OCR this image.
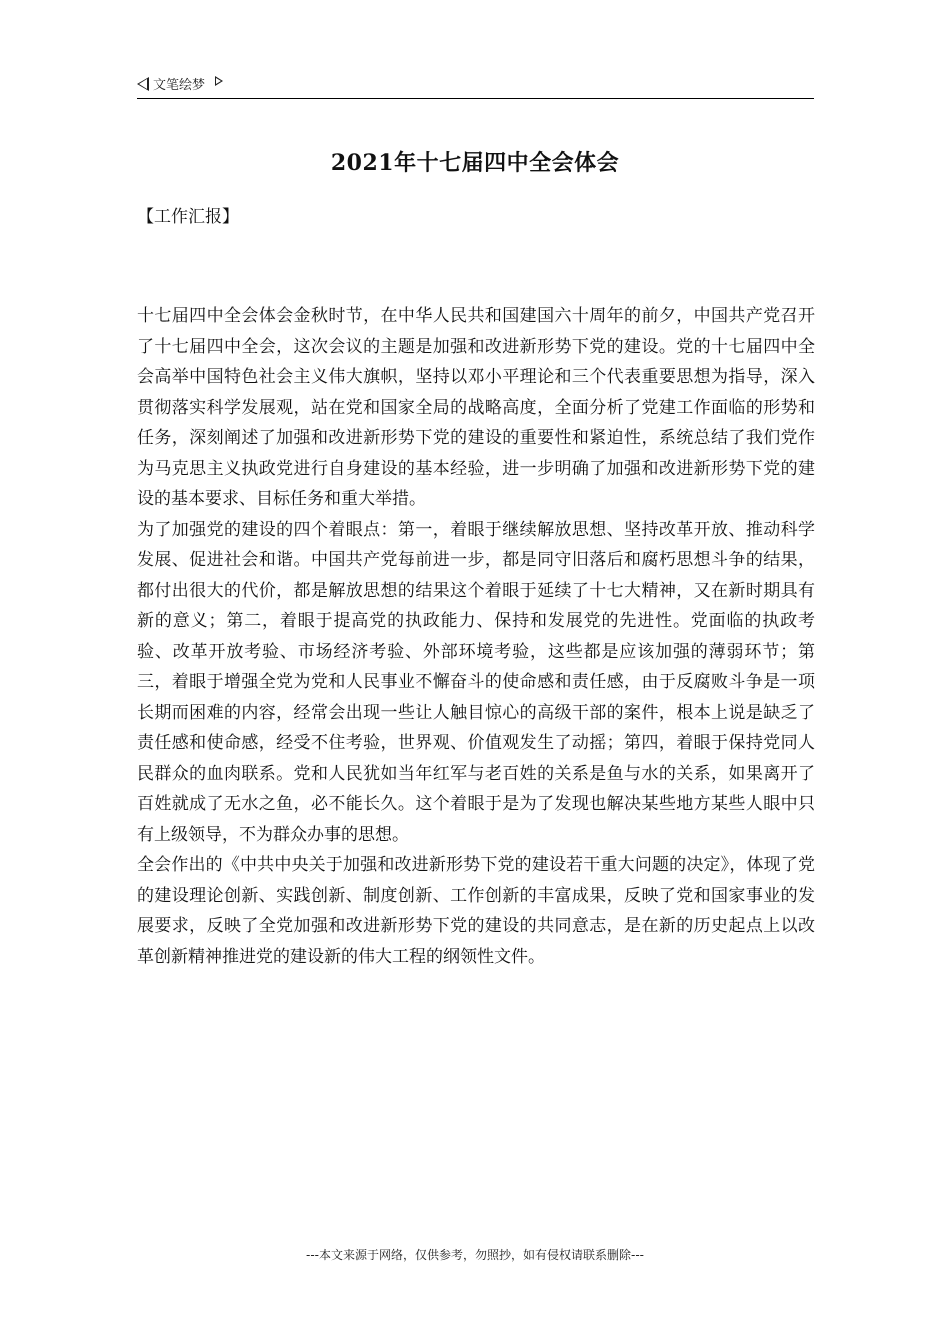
文笔绘梦
2021年十七届四中全会体会
【工作汇报】

十七届四中全会体会金秋时节，在中华人民共和国建国六十周年的前夕，中国共产党召开了十七届四中全会，这次会议的主题是加强和改进新形势下党的建设。党的十七届四中全会高举中国特色社会主义伟大旗帜，坚持以邓小平理论和三个代表重要思想为指导，深入贯彻落实科学发展观，站在党和国家全局的战略高度，全面分析了党建工作面临的形势和任务，深刻阐述了加强和改进新形势下党的建设的重要性和紧迫性，系统总结了我们党作为马克思主义执政党进行自身建设的基本经验，进一步明确了加强和改进新形势下党的建设的基本要求、目标任务和重大举措。

为了加强党的建设的四个着眼点：第一，着眼于继续解放思想、坚持改革开放、推动科学发展、促进社会和谐。中国共产党每前进一步，都是同守旧落后和腐朽思想斗争的结果，都付出很大的代价，都是解放思想的结果这个着眼于延续了十七大精神，又在新时期具有新的意义；第二，着眼于提高党的执政能力、保持和发展党的先进性。党面临的执政考验、改革开放考验、市场经济考验、外部环境考验，这些都是应该加强的薄弱环节；第三，着眼于增强全党为党和人民事业不懈奋斗的使命感和责任感，由于反腐败斗争是一项长期而困难的内容，经常会出现一些让人触目惊心的高级干部的案件，根本上说是缺乏了责任感和使命感，经受不住考验，世界观、价值观发生了动摇；第四，着眼于保持党同人民群众的血肉联系。党和人民犹如当年红军与老百姓的关系是鱼与水的关系，如果离开了百姓就成了无水之鱼，必不能长久。这个着眼于是为了发现也解决某些地方某些人眼中只有上级领导，不为群众办事的思想。

全会作出的《中共中央关于加强和改进新形势下党的建设若干重大问题的决定》，体现了党的建设理论创新、实践创新、制度创新、工作创新的丰富成果，反映了党和国家事业的发展要求，反映了全党加强和改进新形势下党的建设的共同意志，是在新的历史起点上以改革创新精神推进党的建设新的伟大工程的纲领性文件。

---本文来源于网络，仅供参考，勿照抄，如有侵权请联系删除---
